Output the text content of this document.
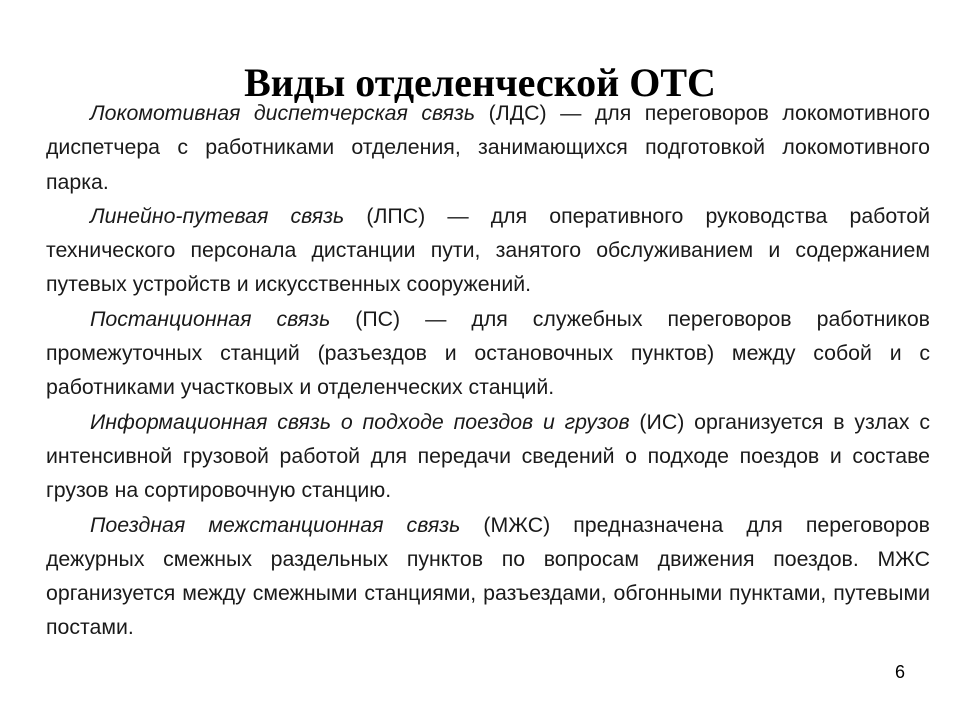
Виды отделенческой ОТС

Локомотивная диспетчерская связь (ЛДС) — для переговоров локомотивного диспетчера с работниками отделения, занимающихся подготовкой локомотивного парка.

Линейно-путевая связь (ЛПС) — для оперативного руководства работой технического персонала дистанции пути, занятого обслуживанием и содержанием путевых устройств и искусственных сооружений.

Постанционная связь (ПС) — для служебных переговоров работников промежуточных станций (разъездов и остановочных пунктов) между собой и с работниками участковых и отделенческих станций.

Информационная связь о подходе поездов и грузов (ИС) организуется в узлах с интенсивной грузовой работой для передачи сведений о подходе поездов и составе грузов на сортировочную станцию.

Поездная межстанционная связь (МЖС) предназначена для переговоров дежурных смежных раздельных пунктов по вопросам движения поездов. МЖС организуется между смежными станциями, разъездами, обгонными пунктами, путевыми постами.

6
